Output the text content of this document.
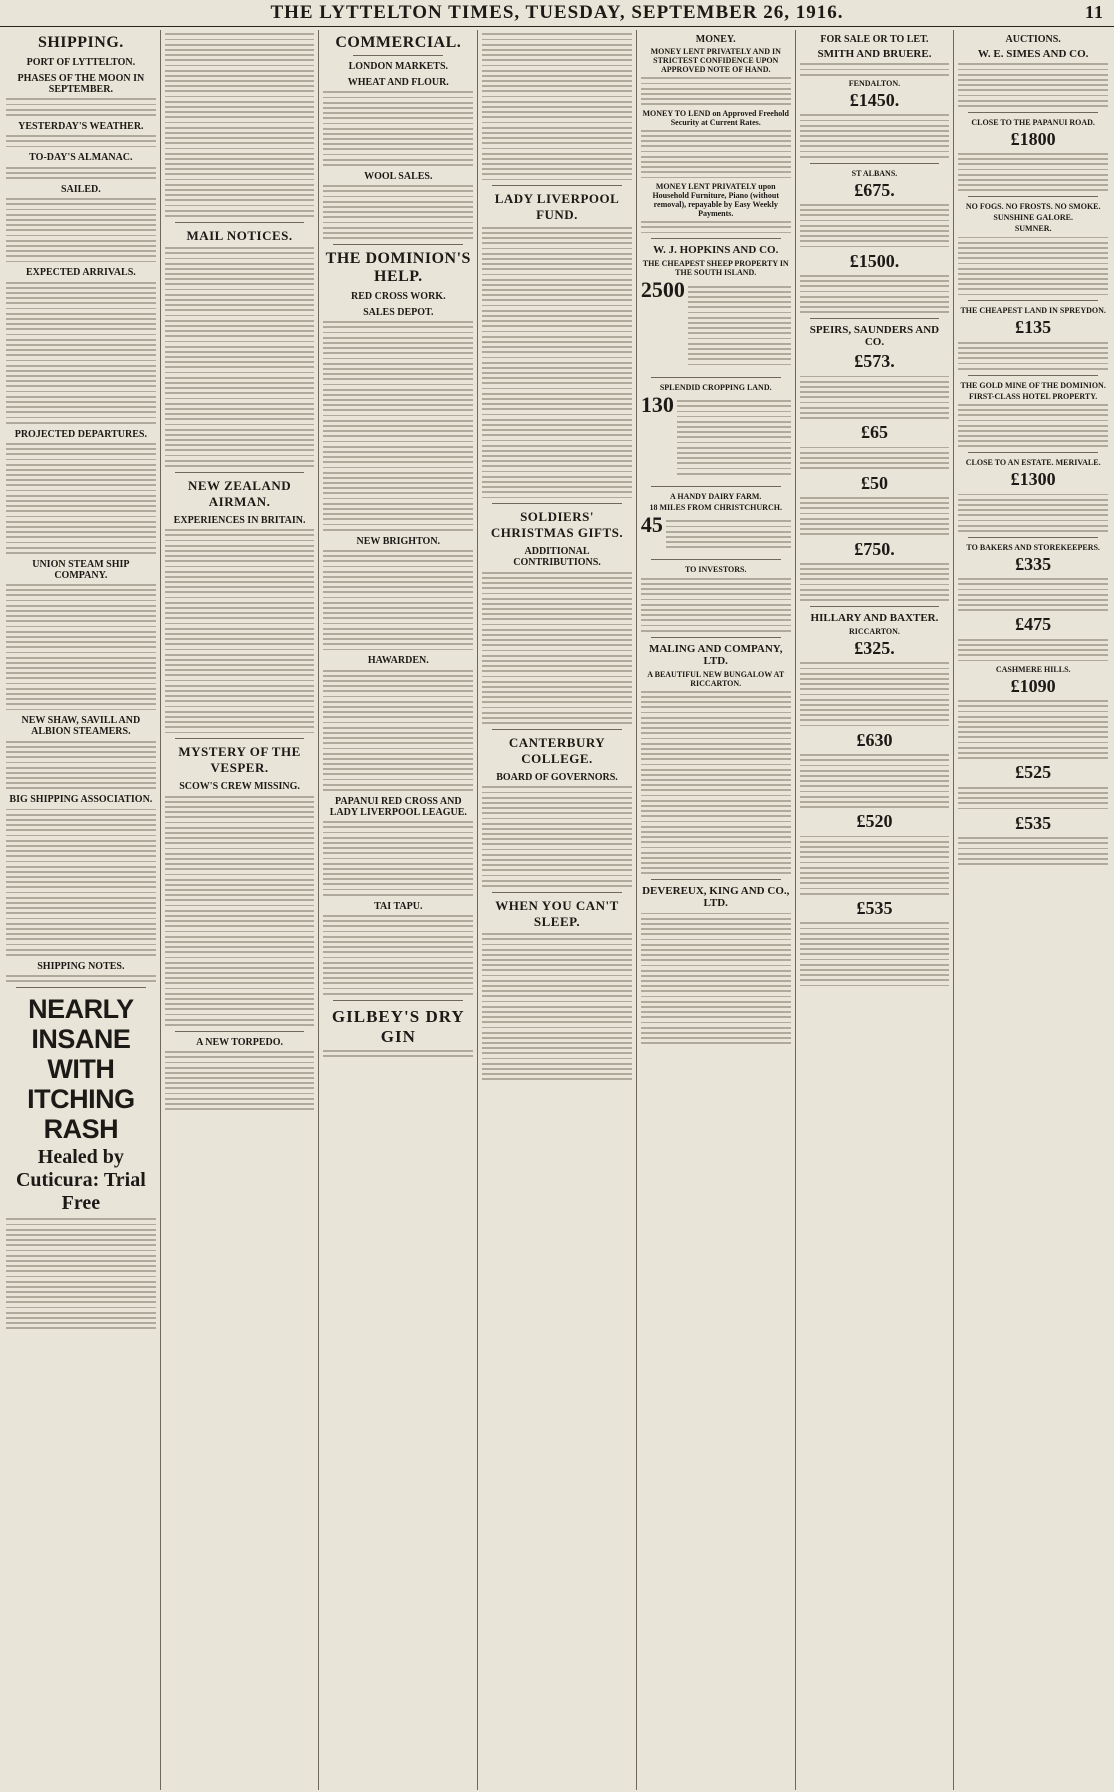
THE LYTTELTON TIMES, TUESDAY, SEPTEMBER 26, 1916.	11
SHIPPING.
PORT OF LYTTELTON.
PHASES OF THE MOON IN SEPTEMBER.
YESTERDAY'S WEATHER.
TO-DAY'S ALMANAC.
SAILED.
EXPECTED ARRIVALS.
PROJECTED DEPARTURES.
UNION STEAM SHIP COMPANY.
NEW SHAW, SAVILL AND ALBION STEAMERS.
BIG SHIPPING ASSOCIATION.
SHIPPING NOTES.
NEARLY INSANE WITH ITCHING RASH
Healed by Cuticura: Trial Free
MAIL NOTICES.
NEW ZEALAND AIRMAN.
EXPERIENCES IN BRITAIN.
MYSTERY OF THE VESPER.
SCOW'S CREW MISSING.
A NEW TORPEDO.
COMMERCIAL.
LONDON MARKETS.
WHEAT AND FLOUR.
WOOL SALES.
THE DOMINION'S HELP.
RED CROSS WORK.
SALES DEPOT.
NEW BRIGHTON.
HAWARDEN.
PAPANUI RED CROSS AND LADY LIVERPOOL LEAGUE.
TAI TAPU.
GILBEY'S DRY GIN
LADY LIVERPOOL FUND.
SOLDIERS' CHRISTMAS GIFTS.
ADDITIONAL CONTRIBUTIONS.
CANTERBURY COLLEGE.
BOARD OF GOVERNORS.
WHEN YOU CAN'T SLEEP.
MONEY.
MONEY LENT PRIVATELY AND IN STRICTEST CONFIDENCE UPON APPROVED NOTE OF HAND.
MONEY TO LEND on Approved Freehold Security at Current Rates.
MONEY LENT PRIVATELY upon Household Furniture, Piano (without removal), repayable by Easy Weekly Payments.
W. J. HOPKINS AND CO.
THE CHEAPEST SHEEP PROPERTY IN THE SOUTH ISLAND.
2500
SPLENDID CROPPING LAND.
130
A HANDY DAIRY FARM.
18 MILES FROM CHRISTCHURCH.
45
TO INVESTORS.
MALING AND COMPANY, LTD.
A BEAUTIFUL NEW BUNGALOW AT RICCARTON.
DEVEREUX, KING AND CO., LTD.
FOR SALE OR TO LET.
SMITH AND BRUERE.
FENDALTON.
£1450.
ST ALBANS.
£675.
£1500.
SPEIRS, SAUNDERS AND CO.
£573.
£65
£50
£750.
HILLARY AND BAXTER.
RICCARTON.
£325.
£630
£520
£535
AUCTIONS.
W. E. SIMES AND CO.
CLOSE TO THE PAPANUI ROAD.
£1800
NO FOGS. NO FROSTS. NO SMOKE.
SUNSHINE GALORE.
SUMNER.
THE CHEAPEST LAND IN SPREYDON.
£135
THE GOLD MINE OF THE DOMINION.
FIRST-CLASS HOTEL PROPERTY.
CLOSE TO AN ESTATE. MERIVALE.
£1300
TO BAKERS AND STOREKEEPERS.
£335
£475
CASHMERE HILLS.
£1090
£525
£535
